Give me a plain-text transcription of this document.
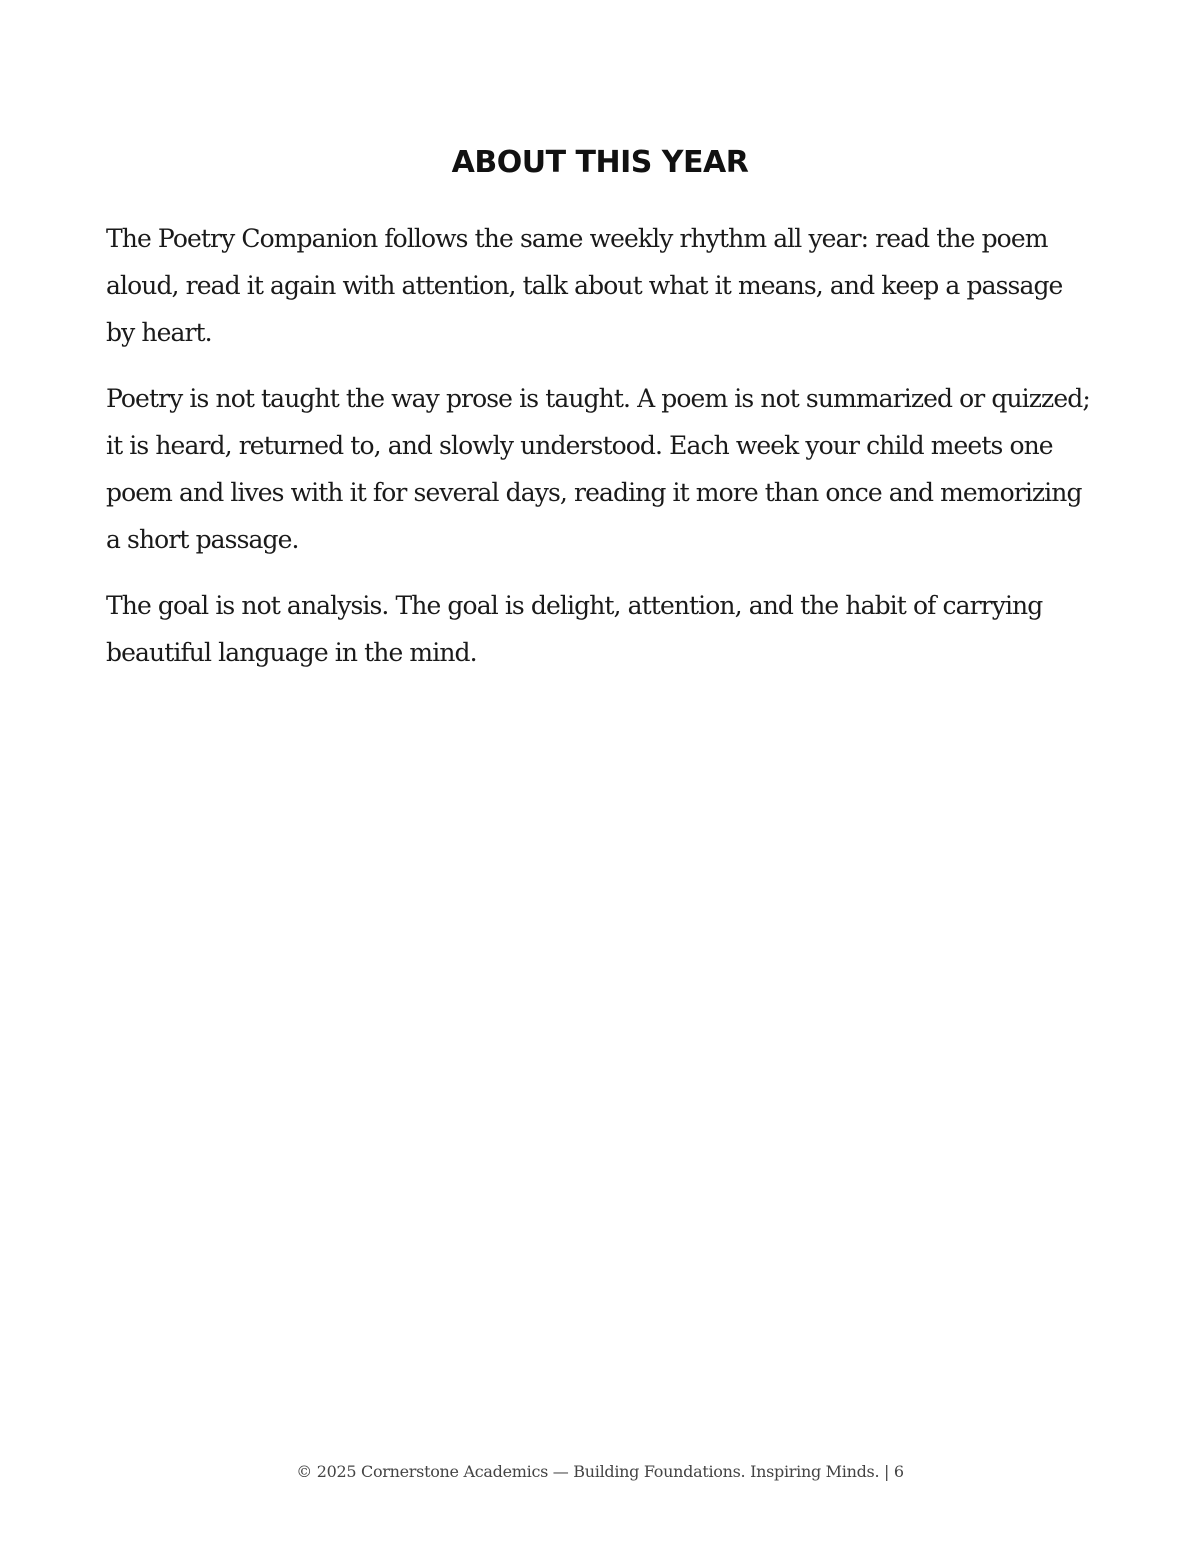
ABOUT THIS YEAR

The Poetry Companion follows the same weekly rhythm all year: read the poem aloud, read it again with attention, talk about what it means, and keep a passage by heart.

Poetry is not taught the way prose is taught. A poem is not summarized or quizzed; it is heard, returned to, and slowly understood. Each week your child meets one poem and lives with it for several days, reading it more than once and memorizing a short passage.

The goal is not analysis. The goal is delight, attention, and the habit of carrying beautiful language in the mind.

© 2025 Cornerstone Academics — Building Foundations. Inspiring Minds. | 6
